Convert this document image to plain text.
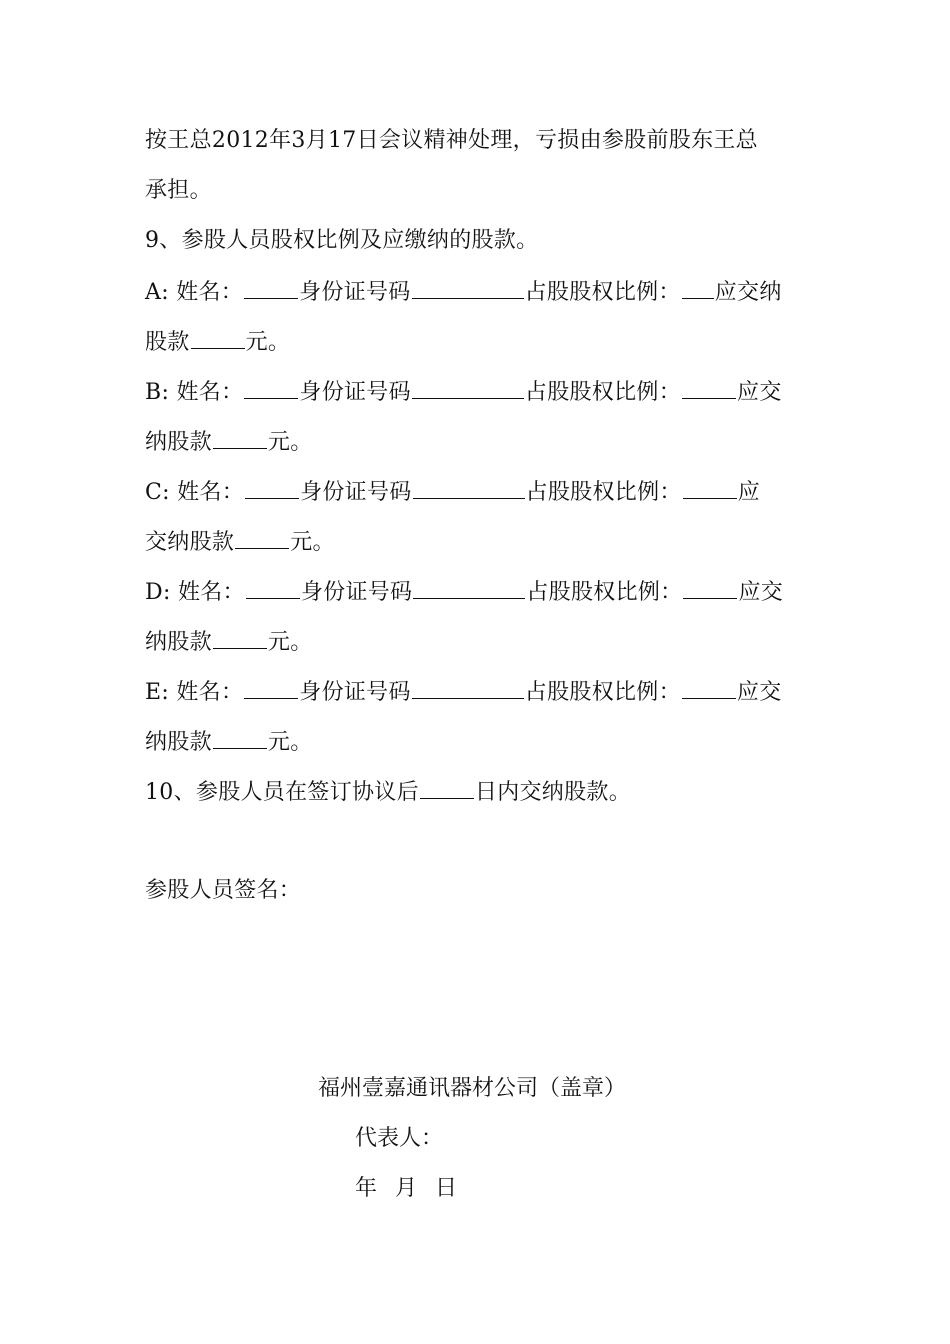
按王总2012年3月17日会议精神处理，亏损由参股前股东王总
承担。
9、参股人员股权比例及应缴纳的股款。
A: 姓名：	身份证号码	占股股权比例： 应交纳
股款	元。
B: 姓名：	身份证号码	占股股权比例：	应交
纳股款	元。
C: 姓名：	身份证号码	占股股权比例：	应
交纳股款	元。
D: 姓名：	身份证号码	占股股权比例：	应交
纳股款	元。
E: 姓名：	身份证号码	占股股权比例：	应交
纳股款	元。
10、参股人员在签订协议后	日内交纳股款。
参股人员签名：
福州壹嘉通讯器材公司（盖章）
代表人：
年 月 日
